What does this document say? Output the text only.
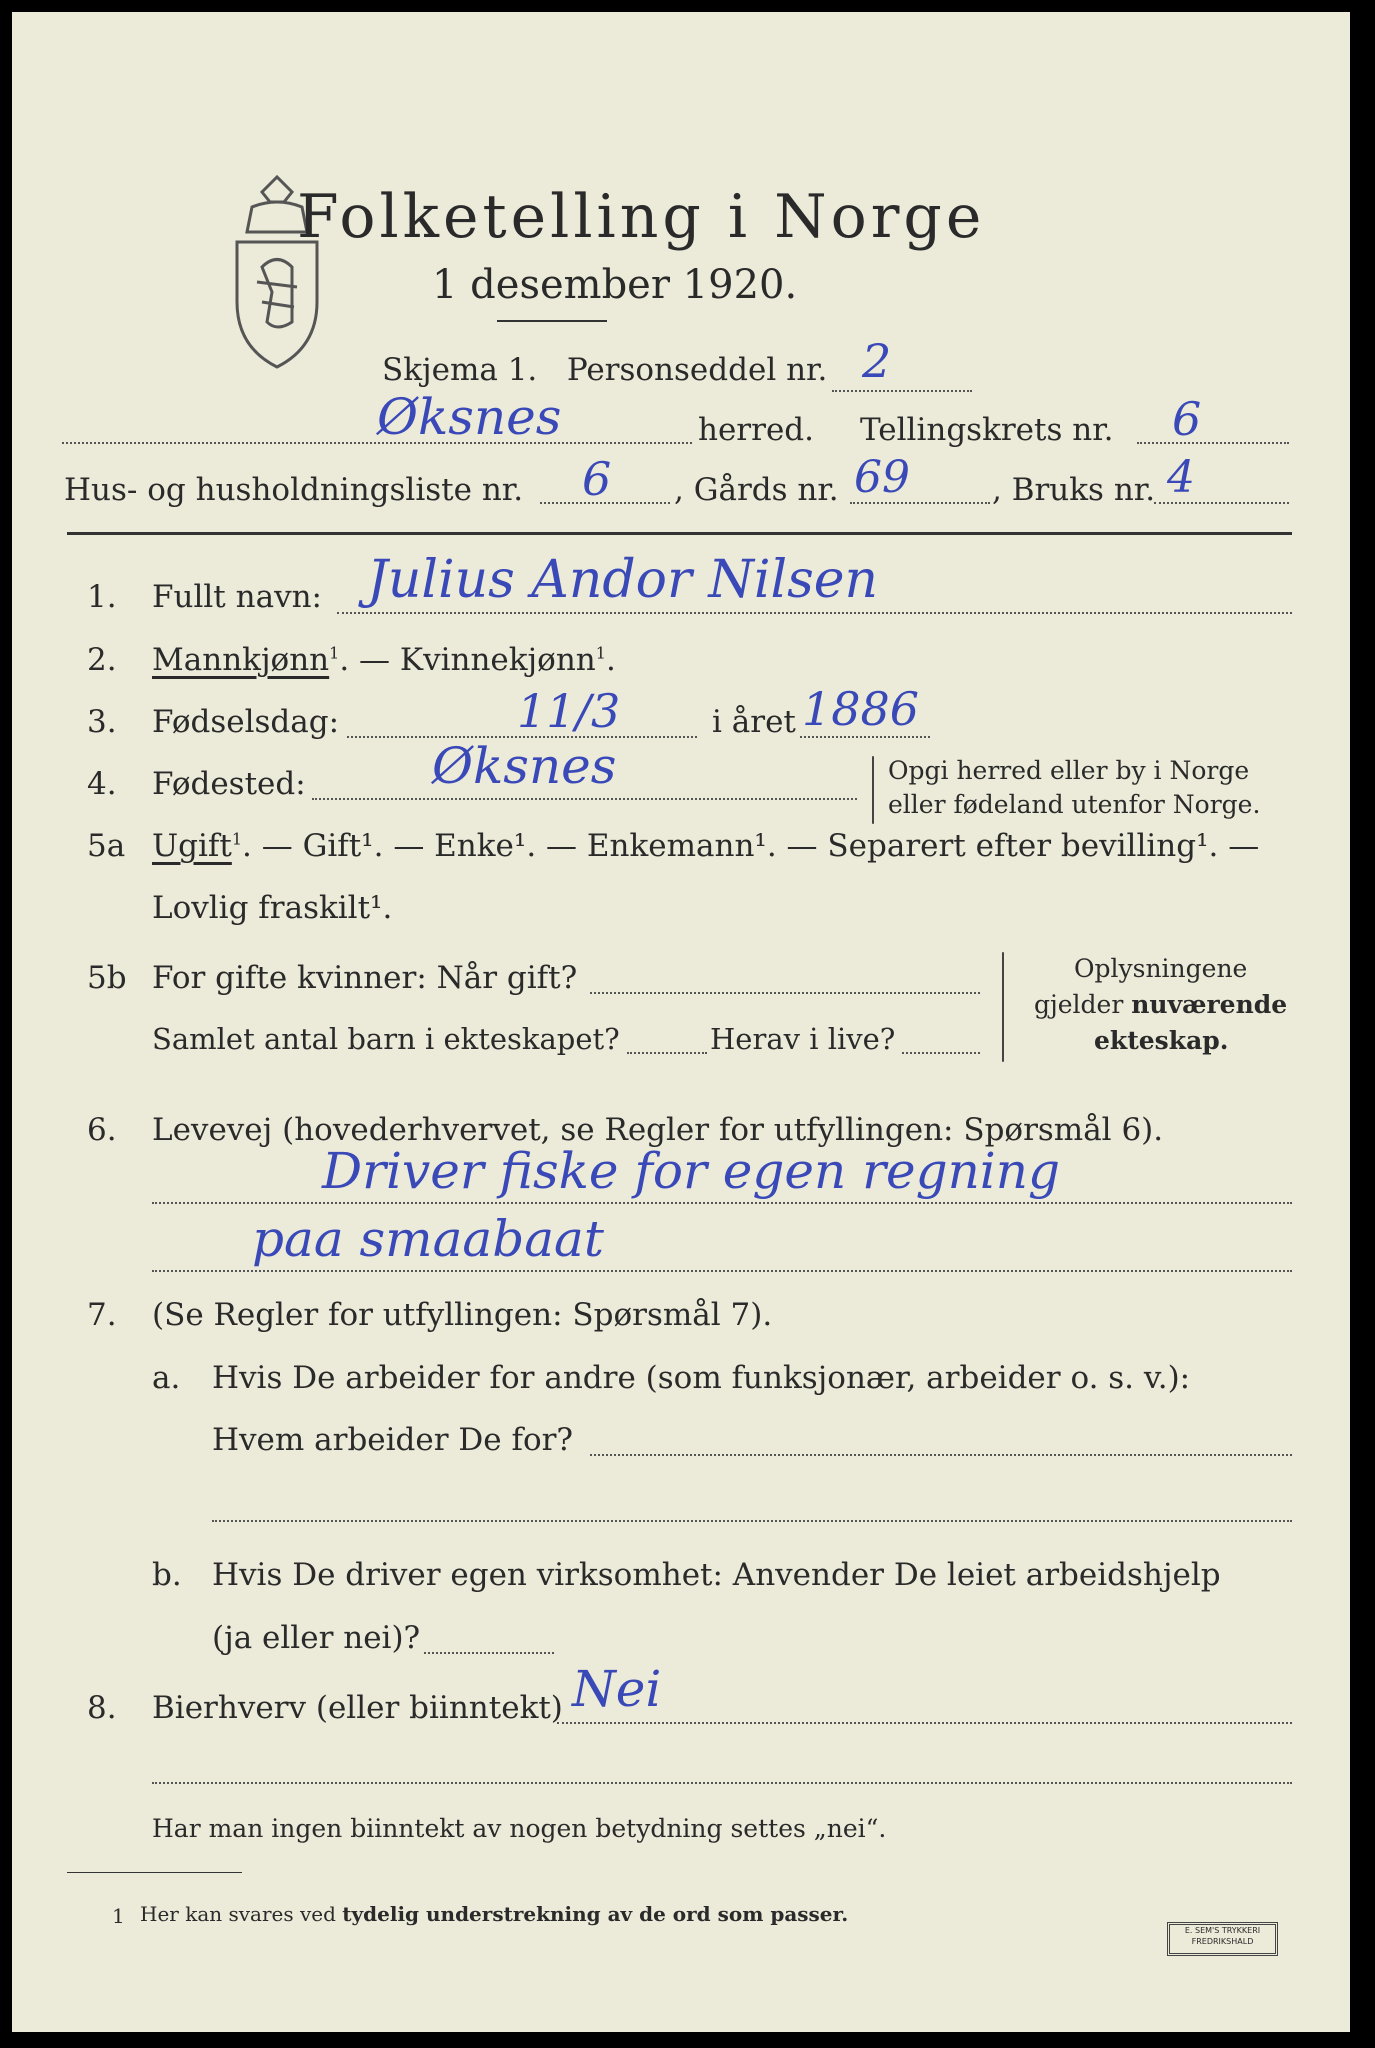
Folketelling i Norge
1 desember 1920.
Skjema 1. Personseddel nr. 2
Øksnes	herred. Tellingskrets nr. 6
Hus- og husholdningsliste nr. 6 , Gårds nr. 69	, Bruks nr. 4
1. Fullt navn: Julius Andor Nilsen
2. Mannkjønn$^1$. — Kvinnekjønn$^1$.
3. Fødselsdag:	11/3	i året 1886
4. Fødested:	Øksnes	Opgi herred eller by i Norge
eller fødeland utenfor Norge.
5a Ugift$^1$. — Gift¹. — Enke¹. — Enkemann¹. — Separert efter bevilling¹. —
Lovlig fraskilt¹.
5b For gifte kvinner: Når gift?
Samlet antal barn i ekteskapet?	Herav i live?
Oplysningene
gjelder nuværende
ekteskap.
6. Levevej (hovederhvervet, se Regler for utfyllingen: Spørsmål 6).
Driver fiske for egen regning
paa smaabaat
7. (Se Regler for utfyllingen: Spørsmål 7).
a. Hvis De arbeider for andre (som funksjonær, arbeider o. s. v.):
Hvem arbeider De for?
b. Hvis De driver egen virksomhet: Anvender De leiet arbeidshjelp
(ja eller nei)?
8. Bierhverv (eller biinntekt) Nei
Har man ingen biinntekt av nogen betydning settes „nei“.
1 Her kan svares ved tydelig understrekning av de ord som passer.
E. SEM'S TRYKKERI
FREDRIKSHALD
